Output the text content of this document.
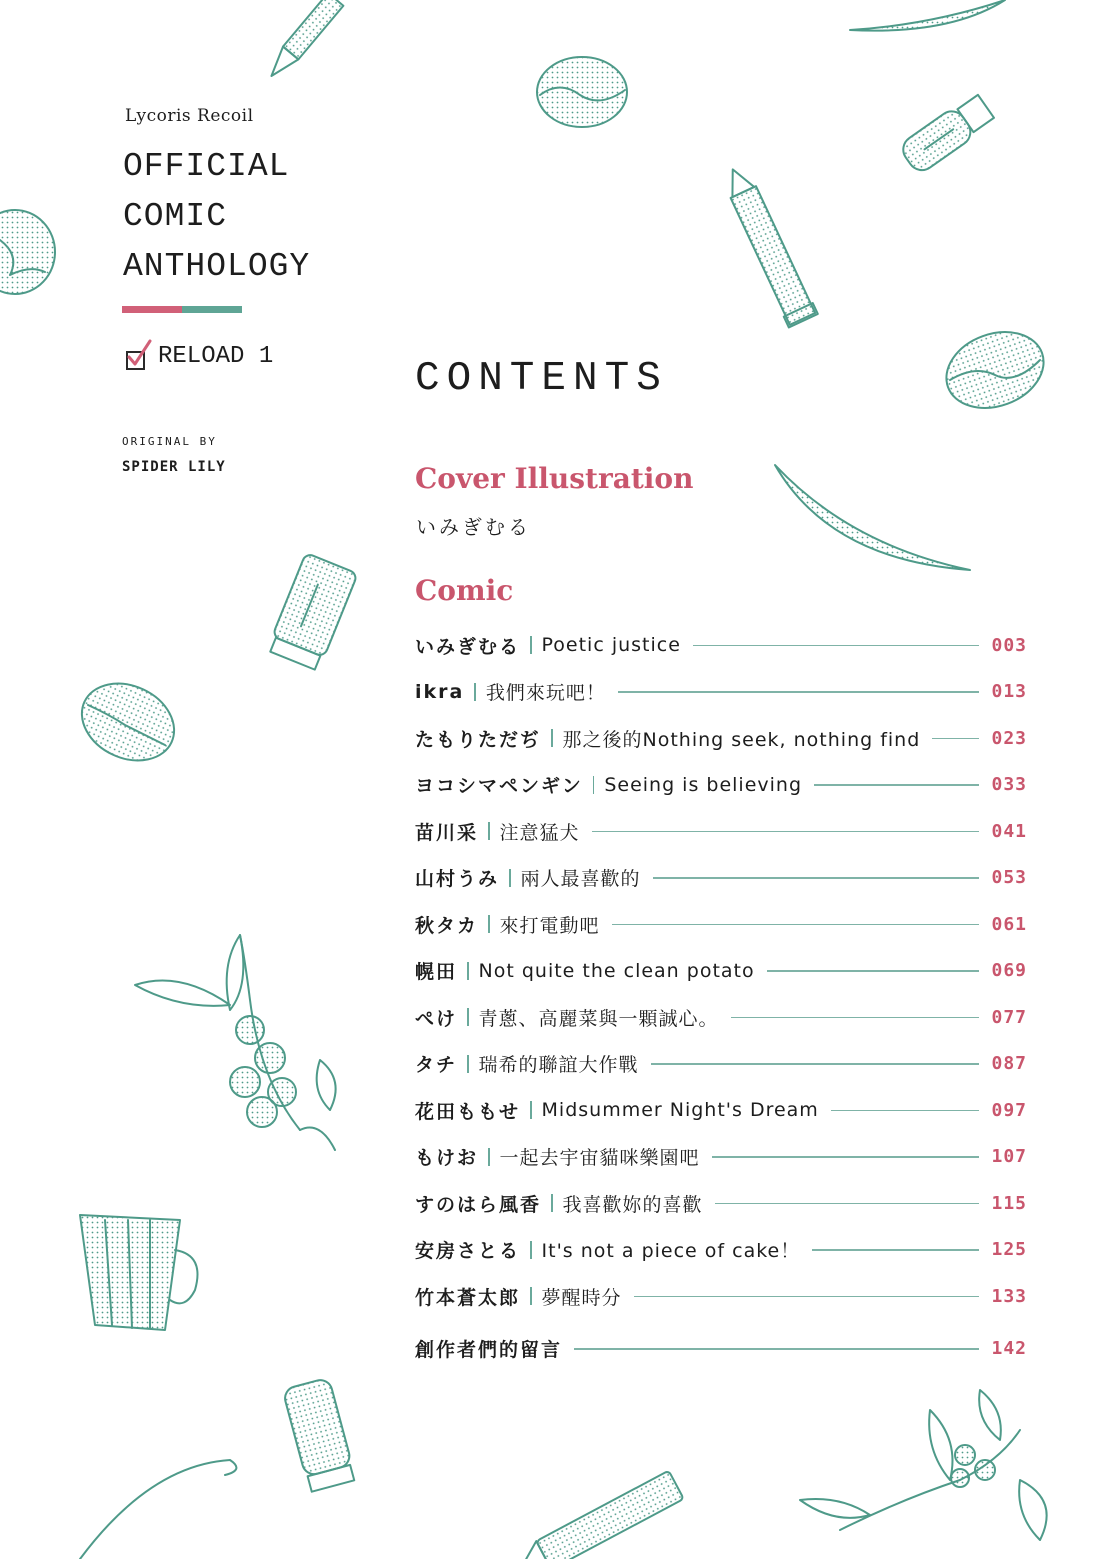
Lycoris Recoil
OFFICIAL
COMIC
ANTHOLOGY
RELOAD 1
ORIGINAL BY
SPIDER LILY
CONTENTS
Cover Illustration
いみぎむる
Comic
いみぎむる Poetic justice	003
ikra 我們來玩吧！	013
たもりただぢ 那之後的Nothing seek, nothing find	023
ヨコシマペンギン Seeing is believing	033
苗川采 注意猛犬	041
山村うみ 兩人最喜歡的	053
秋タカ 來打電動吧	061
幌田 Not quite the clean potato	069
ぺけ 青蔥、高麗菜與一顆誠心。	077
タチ 瑞希的聯誼大作戰	087
花田ももせ Midsummer Night's Dream	097
もけお 一起去宇宙貓咪樂園吧	107
すのはら風香 我喜歡妳的喜歡	115
安房さとる It's not a piece of cake！	125
竹本蒼太郎 夢醒時分	133
創作者們的留言	142
